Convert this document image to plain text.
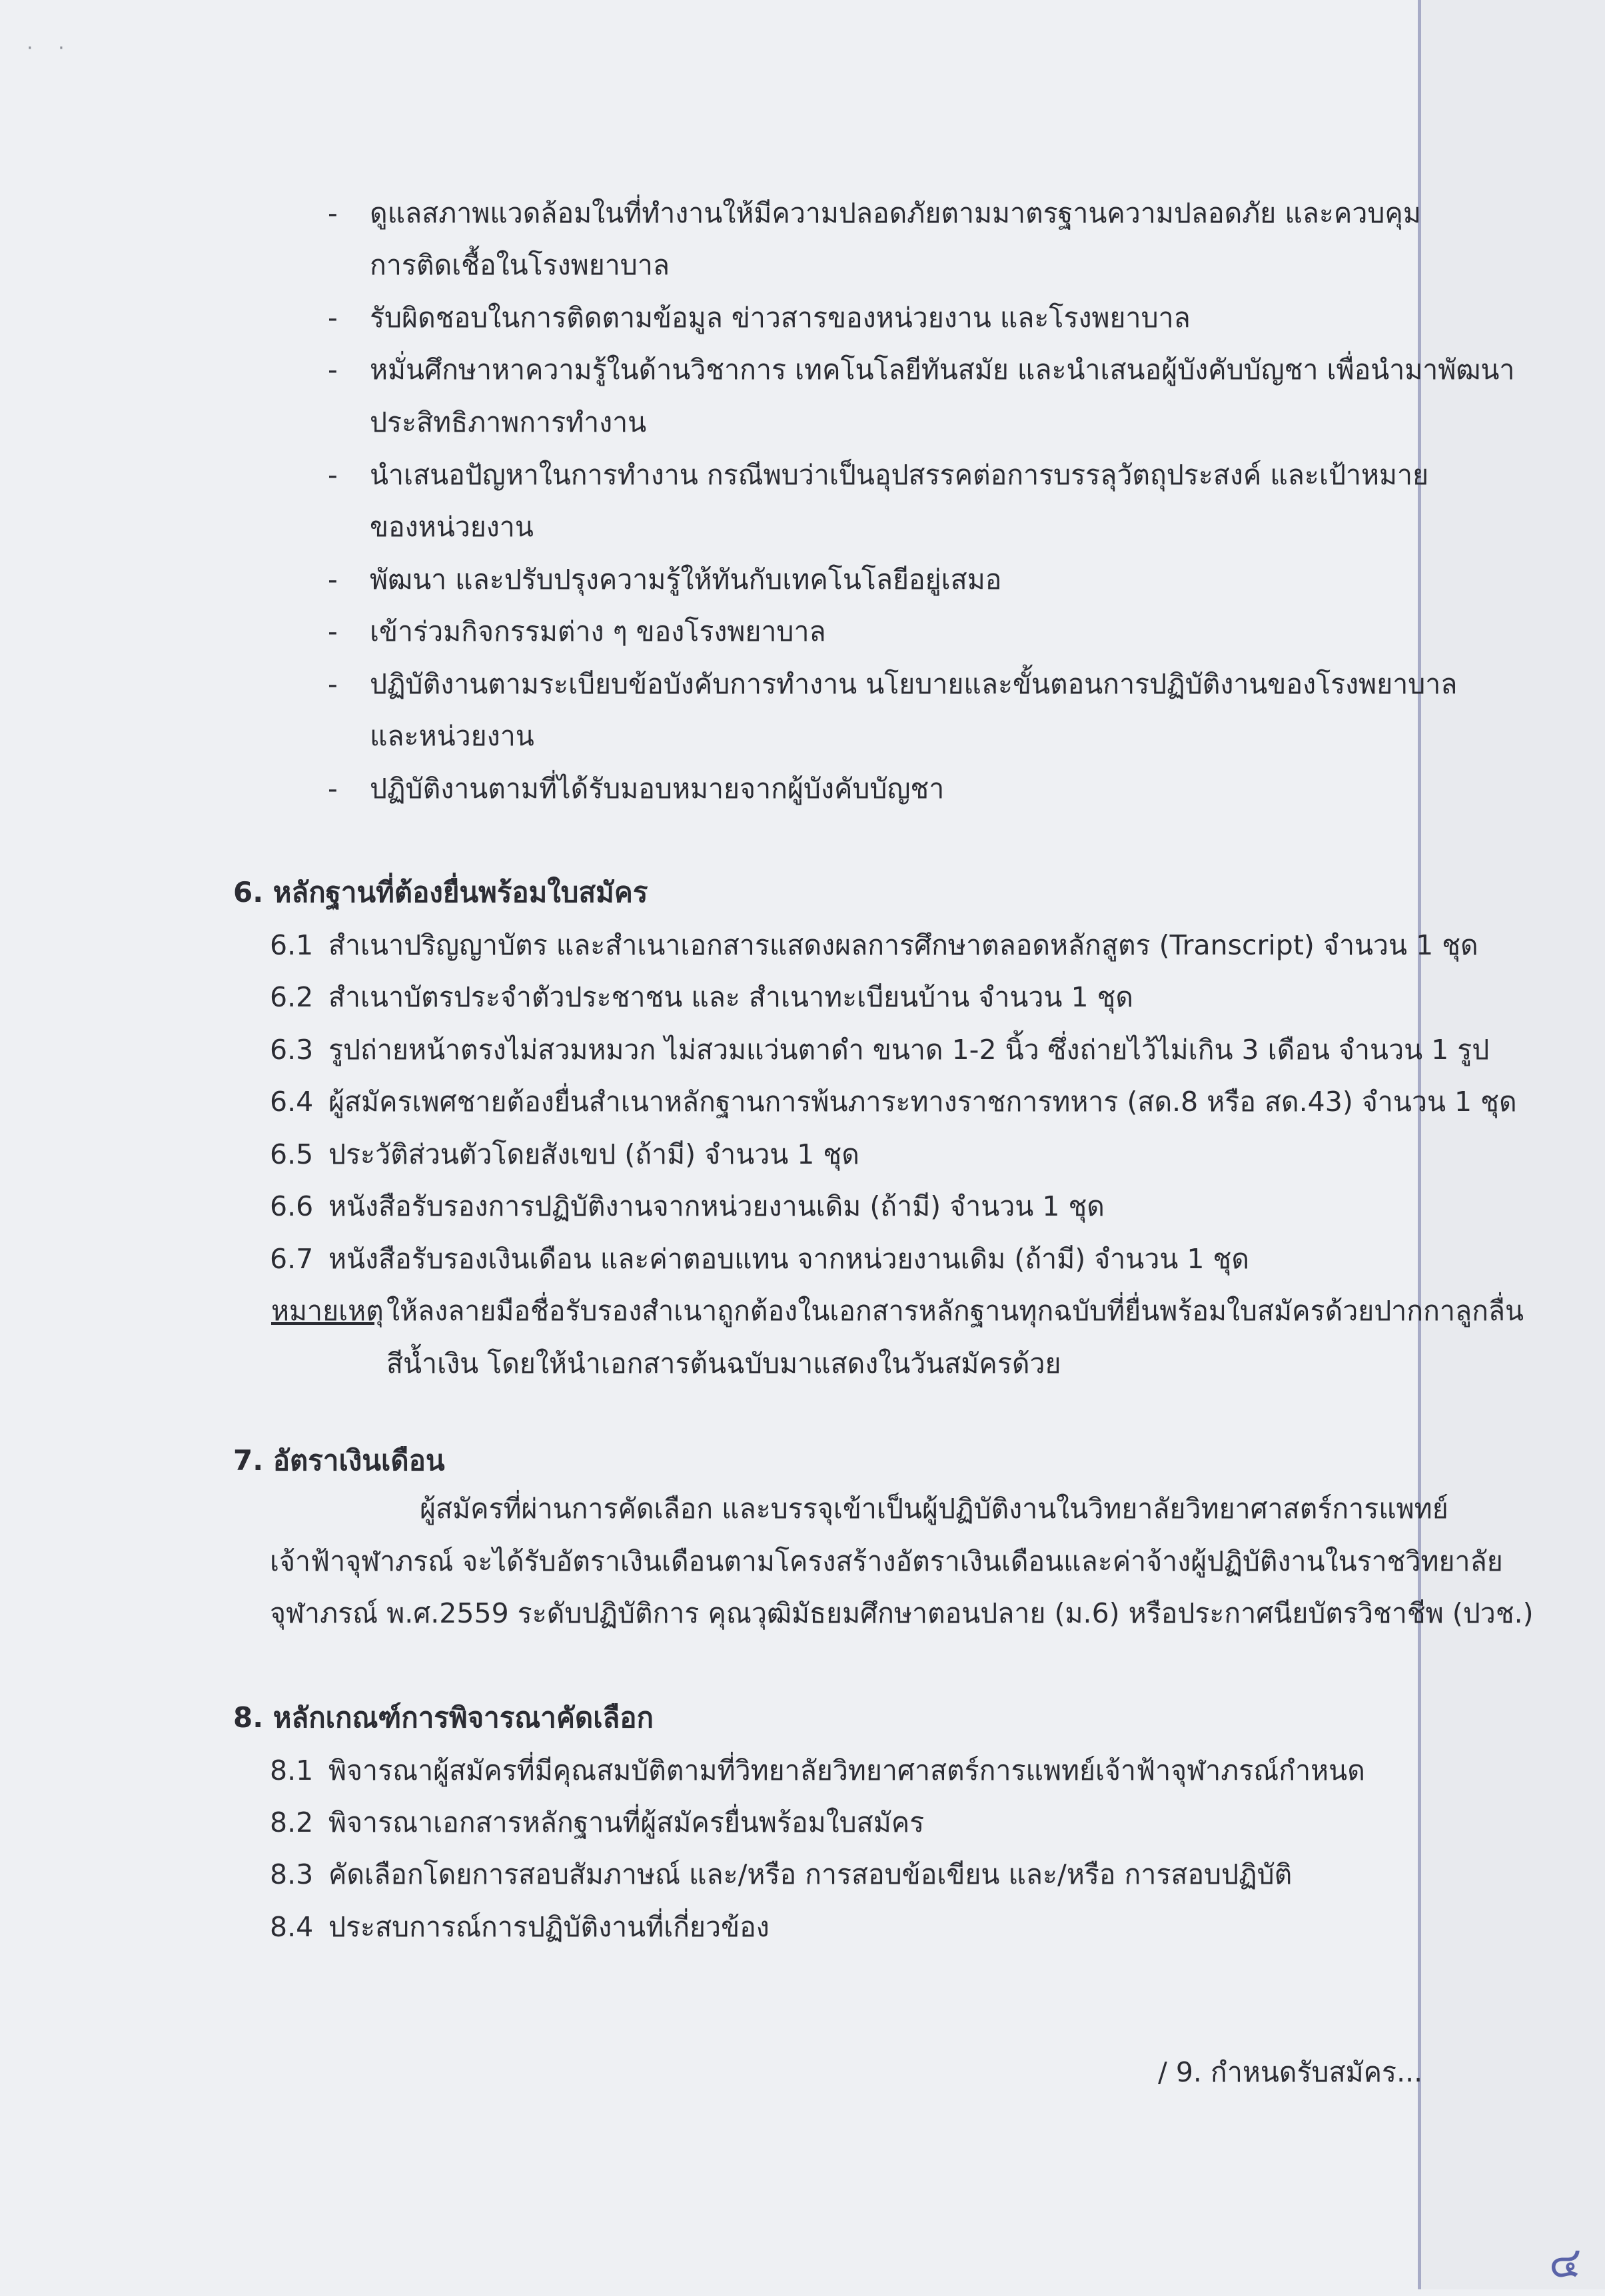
· ·
- ดูแลสภาพแวดล้อมในที่ทำงานให้มีความปลอดภัยตามมาตรฐานความปลอดภัย และควบคุม
การติดเชื้อในโรงพยาบาล
- รับผิดชอบในการติดตามข้อมูล ข่าวสารของหน่วยงาน และโรงพยาบาล
- หมั่นศึกษาหาความรู้ในด้านวิชาการ เทคโนโลยีทันสมัย และนำเสนอผู้บังคับบัญชา เพื่อนำมาพัฒนา
ประสิทธิภาพการทำงาน
- นำเสนอปัญหาในการทำงาน กรณีพบว่าเป็นอุปสรรคต่อการบรรลุวัตถุประสงค์ และเป้าหมาย
ของหน่วยงาน
- พัฒนา และปรับปรุงความรู้ให้ทันกับเทคโนโลยีอยู่เสมอ
- เข้าร่วมกิจกรรมต่าง ๆ ของโรงพยาบาล
- ปฏิบัติงานตามระเบียบข้อบังคับการทำงาน นโยบายและขั้นตอนการปฏิบัติงานของโรงพยาบาล
และหน่วยงาน
- ปฏิบัติงานตามที่ได้รับมอบหมายจากผู้บังคับบัญชา
6. หลักฐานที่ต้องยื่นพร้อมใบสมัคร
6.1 สำเนาปริญญาบัตร และสำเนาเอกสารแสดงผลการศึกษาตลอดหลักสูตร (Transcript) จำนวน 1 ชุด
6.2 สำเนาบัตรประจำตัวประชาชน และ สำเนาทะเบียนบ้าน จำนวน 1 ชุด
6.3 รูปถ่ายหน้าตรงไม่สวมหมวก ไม่สวมแว่นตาดำ ขนาด 1-2 นิ้ว ซึ่งถ่ายไว้ไม่เกิน 3 เดือน จำนวน 1 รูป
6.4 ผู้สมัครเพศชายต้องยื่นสำเนาหลักฐานการพ้นภาระทางราชการทหาร (สด.8 หรือ สด.43) จำนวน 1 ชุด
6.5 ประวัติส่วนตัวโดยสังเขป (ถ้ามี) จำนวน 1 ชุด
6.6 หนังสือรับรองการปฏิบัติงานจากหน่วยงานเดิม (ถ้ามี) จำนวน 1 ชุด
6.7 หนังสือรับรองเงินเดือน และค่าตอบแทน จากหน่วยงานเดิม (ถ้ามี) จำนวน 1 ชุด
หมายเหตุ ให้ลงลายมือชื่อรับรองสำเนาถูกต้องในเอกสารหลักฐานทุกฉบับที่ยื่นพร้อมใบสมัครด้วยปากกาลูกลื่น
สีน้ำเงิน โดยให้นำเอกสารต้นฉบับมาแสดงในวันสมัครด้วย
7. อัตราเงินเดือน
ผู้สมัครที่ผ่านการคัดเลือก และบรรจุเข้าเป็นผู้ปฏิบัติงานในวิทยาลัยวิทยาศาสตร์การแพทย์
เจ้าฟ้าจุฬาภรณ์ จะได้รับอัตราเงินเดือนตามโครงสร้างอัตราเงินเดือนและค่าจ้างผู้ปฏิบัติงานในราชวิทยาลัย
จุฬาภรณ์ พ.ศ.2559 ระดับปฏิบัติการ คุณวุฒิมัธยมศึกษาตอนปลาย (ม.6) หรือประกาศนียบัตรวิชาชีพ (ปวช.)
8. หลักเกณฑ์การพิจารณาคัดเลือก
8.1 พิจารณาผู้สมัครที่มีคุณสมบัติตามที่วิทยาลัยวิทยาศาสตร์การแพทย์เจ้าฟ้าจุฬาภรณ์กำหนด
8.2 พิจารณาเอกสารหลักฐานที่ผู้สมัครยื่นพร้อมใบสมัคร
8.3 คัดเลือกโดยการสอบสัมภาษณ์ และ/หรือ การสอบข้อเขียน และ/หรือ การสอบปฏิบัติ
8.4 ประสบการณ์การปฏิบัติงานที่เกี่ยวข้อง
/ 9. กำหนดรับสมัคร...
๔
